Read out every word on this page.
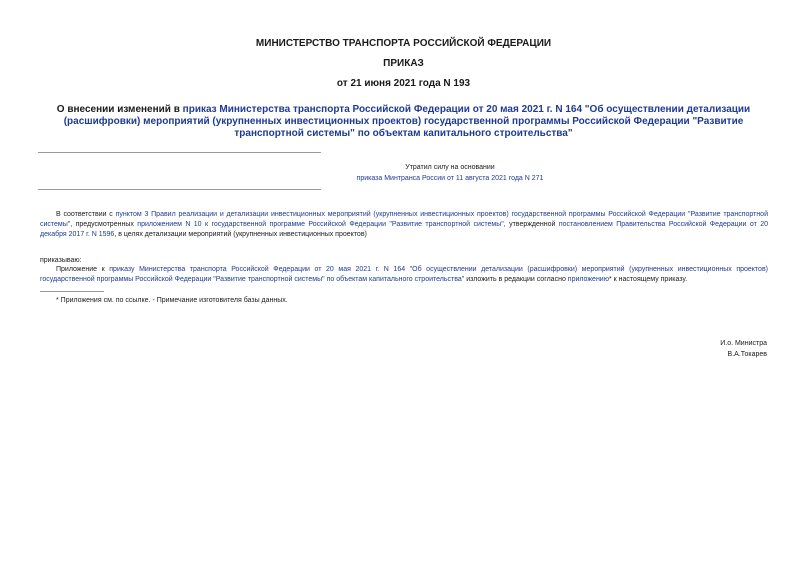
МИНИСТЕРСТВО ТРАНСПОРТА РОССИЙСКОЙ ФЕДЕРАЦИИ
ПРИКАЗ
от 21 июня 2021 года N 193
О внесении изменений в приказ Министерства транспорта Российской Федерации от 20 мая 2021 г. N 164 "Об осуществлении детализации (расшифровки) мероприятий (укрупненных инвестиционных проектов) государственной программы Российской Федерации "Развитие транспортной системы" по объектам капитального строительства"
Утратил силу на основании
приказа Минтранса России от 11 августа 2021 года N 271
В соответствии с пунктом 3 Правил реализации и детализации инвестиционных мероприятий (укрупненных инвестиционных проектов) государственной программы Российской Федерации "Развитие транспортной системы", предусмотренных приложением N 10 к государственной программе Российской Федерации "Развитие транспортной системы", утвержденной постановлением Правительства Российской Федерации от 20 декабря 2017 г. N 1596, в целях детализации мероприятий (укрупненных инвестиционных проектов)
приказываю:
Приложение к приказу Министерства транспорта Российской Федерации от 20 мая 2021 г. N 164 "Об осуществлении детализации (расшифровки) мероприятий (укрупненных инвестиционных проектов) государственной программы Российской Федерации "Развитие транспортной системы" по объектам капитального строительства" изложить в редакции согласно приложению* к настоящему приказу.
* Приложения см. по ссылке. - Примечание изготовителя базы данных.
И.о. Министра
В.А.Токарев
